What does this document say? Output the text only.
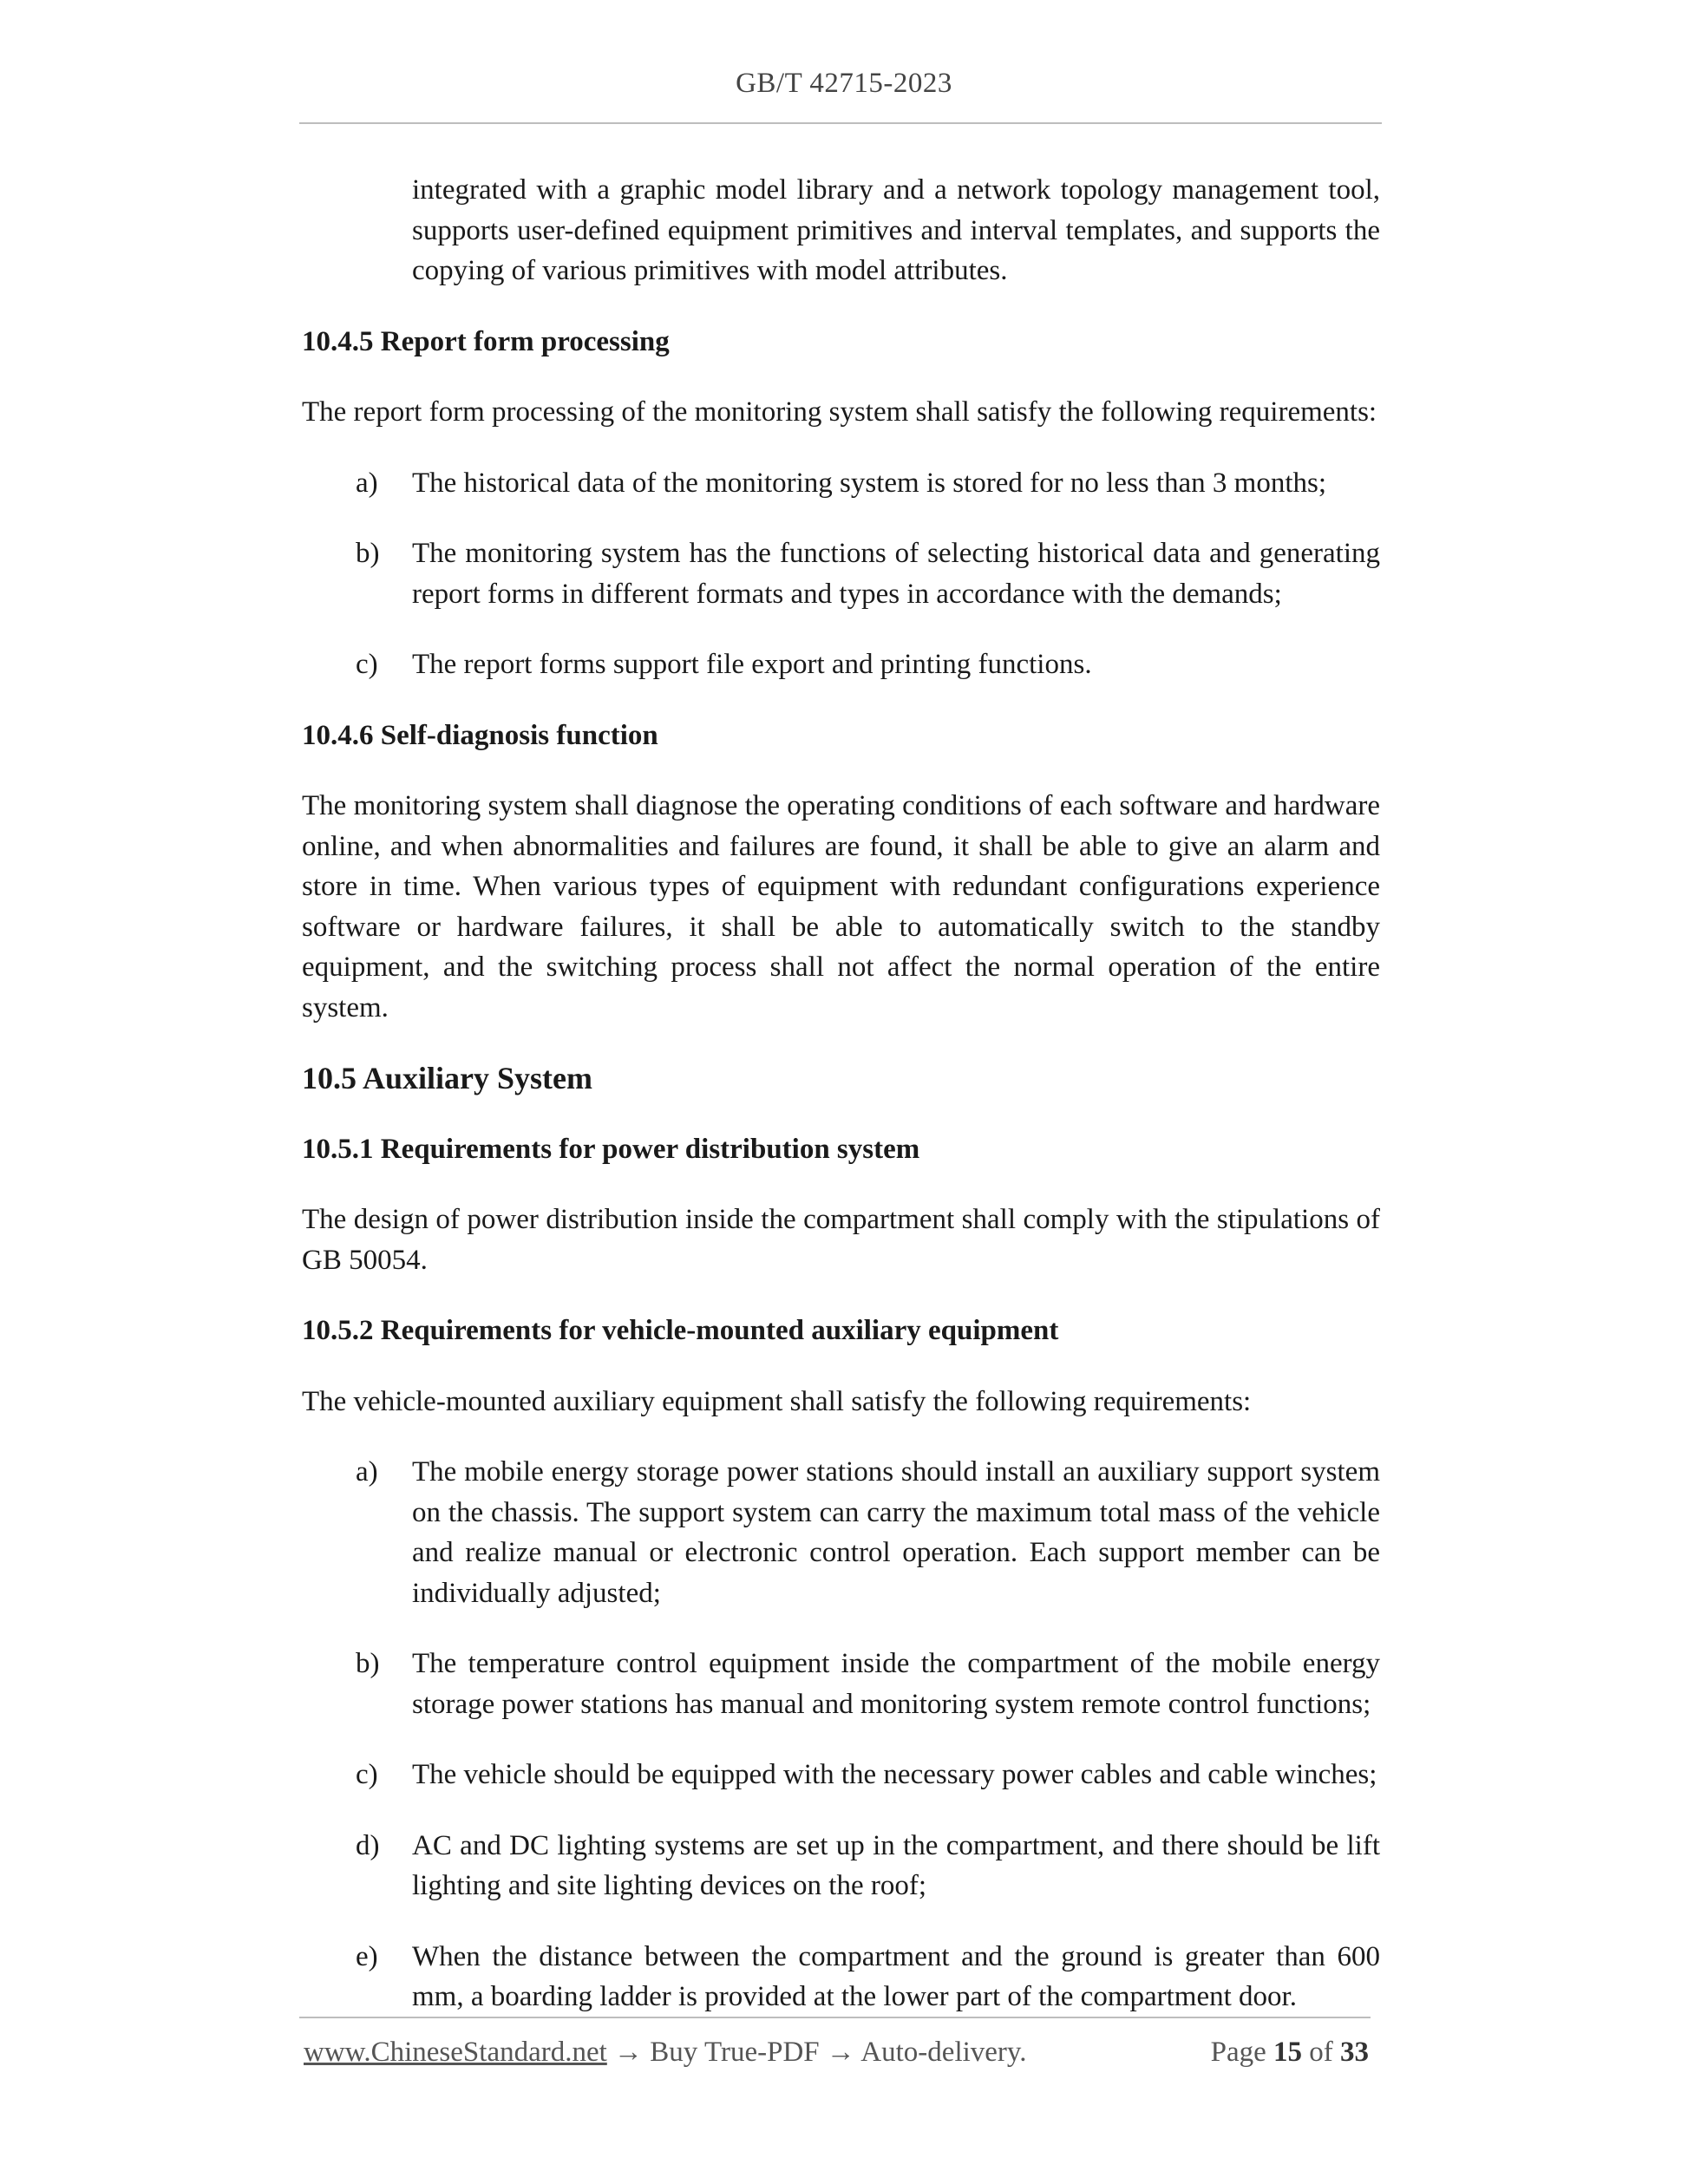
GB/T 42715-2023

integrated with a graphic model library and a network topology management tool, supports user-defined equipment primitives and interval templates, and supports the copying of various primitives with model attributes.

10.4.5 Report form processing

The report form processing of the monitoring system shall satisfy the following requirements:

a)	The historical data of the monitoring system is stored for no less than 3 months;
b)	The monitoring system has the functions of selecting historical data and generating report forms in different formats and types in accordance with the demands;
c)	The report forms support file export and printing functions.
10.4.6 Self-diagnosis function

The monitoring system shall diagnose the operating conditions of each software and hardware online, and when abnormalities and failures are found, it shall be able to give an alarm and store in time. When various types of equipment with redundant configurations experience software or hardware failures, it shall be able to automatically switch to the standby equipment, and the switching process shall not affect the normal operation of the entire system.

10.5 Auxiliary System
10.5.1 Requirements for power distribution system

The design of power distribution inside the compartment shall comply with the stipulations of GB 50054.

10.5.2 Requirements for vehicle-mounted auxiliary equipment

The vehicle-mounted auxiliary equipment shall satisfy the following requirements:

a)	The mobile energy storage power stations should install an auxiliary support system on the chassis. The support system can carry the maximum total mass of the vehicle and realize manual or electronic control operation. Each support member can be individually adjusted;
b)	The temperature control equipment inside the compartment of the mobile energy storage power stations has manual and monitoring system remote control functions;
c)	The vehicle should be equipped with the necessary power cables and cable winches;
d)	AC and DC lighting systems are set up in the compartment, and there should be lift lighting and site lighting devices on the roof;
e)	When the distance between the compartment and the ground is greater than 600 mm, a boarding ladder is provided at the lower part of the compartment door.
www.ChineseStandard.net → Buy True-PDF → Auto-delivery.	Page 15 of 33
